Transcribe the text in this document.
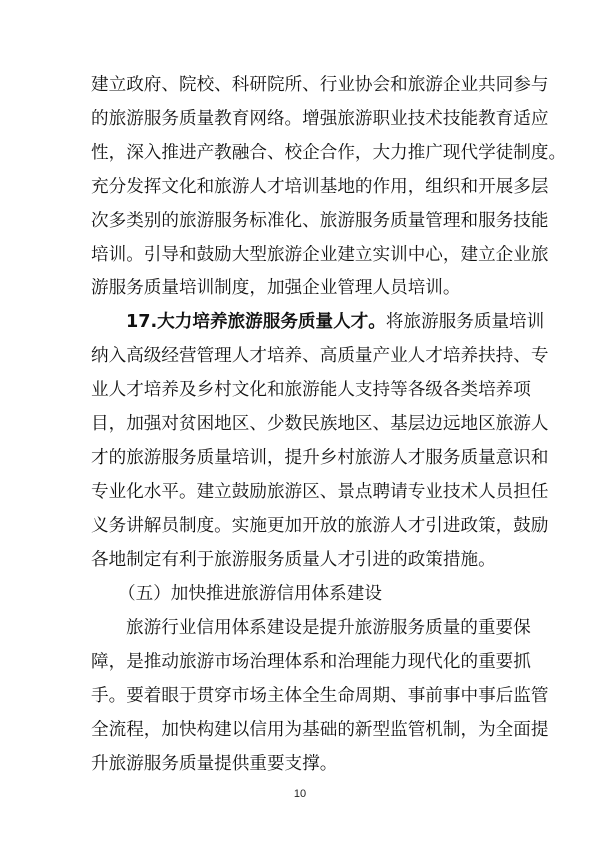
建立政府、院校、科研院所、行业协会和旅游企业共同参与
的旅游服务质量教育网络。增强旅游职业技术技能教育适应
性，深入推进产教融合、校企合作，大力推广现代学徒制度。
充分发挥文化和旅游人才培训基地的作用，组织和开展多层
次多类别的旅游服务标准化、旅游服务质量管理和服务技能
培训。引导和鼓励大型旅游企业建立实训中心，建立企业旅
游服务质量培训制度，加强企业管理人员培训。
17.大力培养旅游服务质量人才。将旅游服务质量培训
纳入高级经营管理人才培养、高质量产业人才培养扶持、专
业人才培养及乡村文化和旅游能人支持等各级各类培养项
目，加强对贫困地区、少数民族地区、基层边远地区旅游人
才的旅游服务质量培训，提升乡村旅游人才服务质量意识和
专业化水平。建立鼓励旅游区、景点聘请专业技术人员担任
义务讲解员制度。实施更加开放的旅游人才引进政策，鼓励
各地制定有利于旅游服务质量人才引进的政策措施。
（五）加快推进旅游信用体系建设
旅游行业信用体系建设是提升旅游服务质量的重要保
障，是推动旅游市场治理体系和治理能力现代化的重要抓
手。要着眼于贯穿市场主体全生命周期、事前事中事后监管
全流程，加快构建以信用为基础的新型监管机制，为全面提
升旅游服务质量提供重要支撑。
10
